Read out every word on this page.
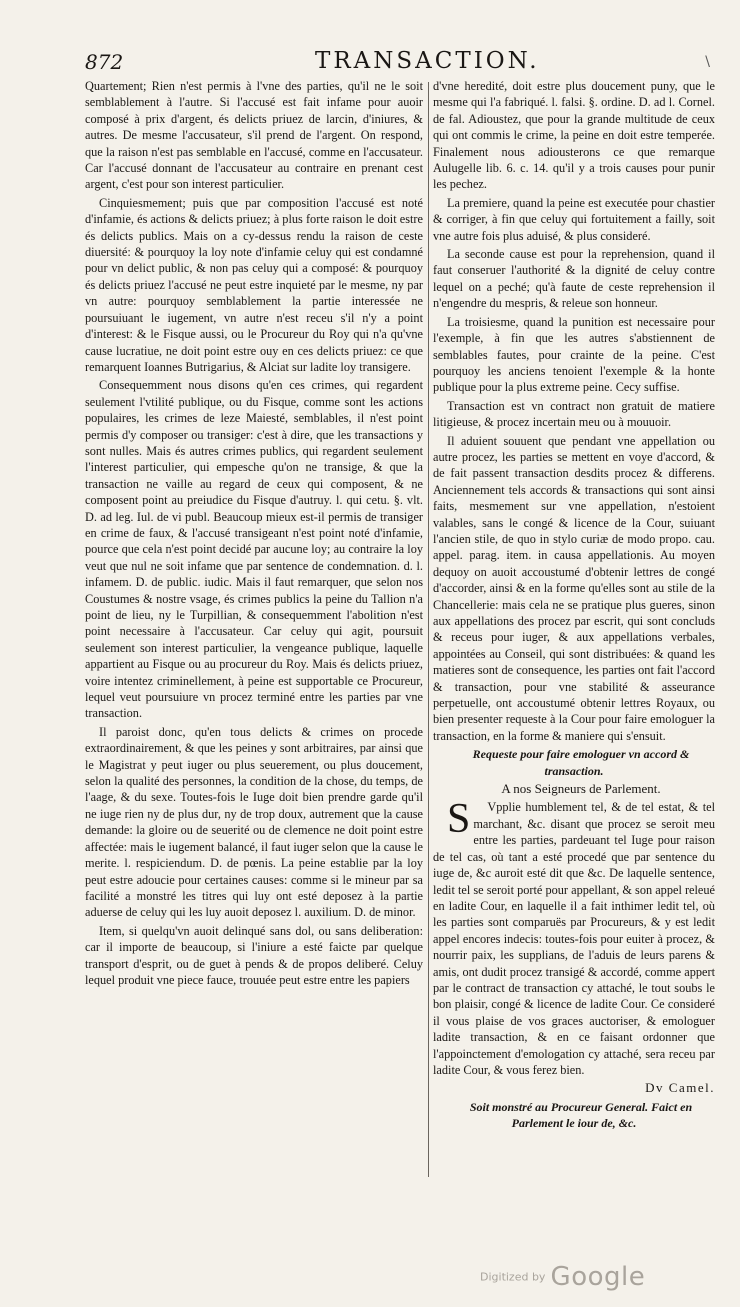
872	TRANSACTION.	\

Quartement; Rien n'est permis à l'vne des parties, qu'il ne le soit semblablement à l'autre. Si l'accusé est fait infame pour auoir composé à prix d'argent, és delicts priuez de larcin, d'iniures, & autres. De mesme l'accusateur, s'il prend de l'argent. On respond, que la raison n'est pas semblable en l'accusé, comme en l'accusateur. Car l'accusé donnant de l'accusateur au contraire en prenant cest argent, c'est pour son interest particulier.

Cinquiesmement; puis que par composition l'accusé est noté d'infamie, és actions & delicts priuez; à plus forte raison le doit estre és delicts publics. Mais on a cy-dessus rendu la raison de ceste diuersité: & pourquoy la loy note d'infamie celuy qui est condamné pour vn delict public, & non pas celuy qui a composé: & pourquoy és delicts priuez l'accusé ne peut estre inquieté par le mesme, ny par vn autre: pourquoy semblablement la partie interessée ne poursuiuant le iugement, vn autre n'est receu s'il n'y a point d'interest: & le Fisque aussi, ou le Procureur du Roy qui n'a qu'vne cause lucratiue, ne doit point estre ouy en ces delicts priuez: ce que remarquent Ioannes Butrigarius, & Alciat sur ladite loy transigere.

Consequemment nous disons qu'en ces crimes, qui regardent seulement l'vtilité publique, ou du Fisque, comme sont les actions populaires, les crimes de leze Maiesté, semblables, il n'est point permis d'y composer ou transiger: c'est à dire, que les transactions y sont nulles. Mais és autres crimes publics, qui regardent seulement l'interest particulier, qui empesche qu'on ne transige, & que la transaction ne vaille au regard de ceux qui composent, & ne composent point au preiudice du Fisque d'autruy. l. qui cetu. §. vlt. D. ad leg. Iul. de vi publ. Beaucoup mieux est-il permis de transiger en crime de faux, & l'accusé transigeant n'est point noté d'infamie, pource que cela n'est point decidé par aucune loy; au contraire la loy veut que nul ne soit infame que par sentence de condemnation. d. l. infamem. D. de public. iudic. Mais il faut remarquer, que selon nos Coustumes & nostre vsage, és crimes publics la peine du Tallion n'a point de lieu, ny le Turpillian, & consequemment l'abolition n'est point necessaire à l'accusateur. Car celuy qui agit, poursuit seulement son interest particulier, la vengeance publique, laquelle appartient au Fisque ou au procureur du Roy. Mais és delicts priuez, voire intentez criminellement, à peine est supportable ce Procureur, lequel veut poursuiure vn procez terminé entre les parties par vne transaction.

Il paroist donc, qu'en tous delicts & crimes on procede extraordinairement, & que les peines y sont arbitraires, par ainsi que le Magistrat y peut iuger ou plus seuerement, ou plus doucement, selon la qualité des personnes, la condition de la chose, du temps, de l'aage, & du sexe. Toutes-fois le Iuge doit bien prendre garde qu'il ne iuge rien ny de plus dur, ny de trop doux, autrement que la cause demande: la gloire ou de seuerité ou de clemence ne doit point estre affectée: mais le iugement balancé, il faut iuger selon que la cause le merite. l. respiciendum. D. de pœnis. La peine establie par la loy peut estre adoucie pour certaines causes: comme si le mineur par sa facilité a monstré les titres qui luy ont esté deposez à la partie aduerse de celuy qui les luy auoit deposez l. auxilium. D. de minor.

Item, si quelqu'vn auoit delinqué sans dol, ou sans deliberation: car il importe de beaucoup, si l'iniure a esté faicte par quelque transport d'esprit, ou de guet à pends & de propos deliberé. Celuy lequel produit vne piece fauce, trouuée peut estre entre les papiers

d'vne heredité, doit estre plus doucement puny, que le mesme qui l'a fabriqué. l. falsi. §. ordine. D. ad l. Cornel. de fal. Adioustez, que pour la grande multitude de ceux qui ont commis le crime, la peine en doit estre temperée. Finalement nous adiousterons ce que remarque Aulugelle lib. 6. c. 14. qu'il y a trois causes pour punir les pechez.

La premiere, quand la peine est executée pour chastier & corriger, à fin que celuy qui fortuitement a failly, soit vne autre fois plus aduisé, & plus consideré.

La seconde cause est pour la reprehension, quand il faut conseruer l'authorité & la dignité de celuy contre lequel on a peché; qu'à faute de ceste reprehension il n'engendre du mespris, & releue son honneur.

La troisiesme, quand la punition est necessaire pour l'exemple, à fin que les autres s'abstiennent de semblables fautes, pour crainte de la peine. C'est pourquoy les anciens tenoient l'exemple & la honte publique pour la plus extreme peine. Cecy suffise.

Transaction est vn contract non gratuit de matiere litigieuse, & procez incertain meu ou à mouuoir.

Il aduient souuent que pendant vne appellation ou autre procez, les parties se mettent en voye d'accord, & de fait passent transaction desdits procez & differens. Anciennement tels accords & transactions qui sont ainsi faits, mesmement sur vne appellation, n'estoient valables, sans le congé & licence de la Cour, suiuant l'ancien stile, de quo in stylo curiæ de modo propo. cau. appel. parag. item. in causa appellationis. Au moyen dequoy on auoit accoustumé d'obtenir lettres de congé d'accorder, ainsi & en la forme qu'elles sont au stile de la Chancellerie: mais cela ne se pratique plus gueres, sinon aux appellations des procez par escrit, qui sont concluds & receus pour iuger, & aux appellations verbales, appointées au Conseil, qui sont distribuées: & quand les matieres sont de consequence, les parties ont fait l'accord & transaction, pour vne stabilité & asseurance perpetuelle, ont accoustumé obtenir lettres Royaux, ou bien presenter requeste à la Cour pour faire emologuer la transaction, en la forme & maniere qui s'ensuit.

Requeste pour faire emologuer vn accord & transaction.

A nos Seigneurs de Parlement.

S Vpplie humblement tel, & de tel estat, & tel marchant, &c. disant que procez se seroit meu entre les parties, pardeuant tel Iuge pour raison de tel cas, où tant a esté procedé que par sentence du iuge de, &c auroit esté dit que &c. De laquelle sentence, ledit tel se seroit porté pour appellant, & son appel releué en ladite Cour, en laquelle il a fait inthimer ledit tel, où les parties sont comparuës par Procureurs, & y est ledit appel encores indecis: toutes-fois pour euiter à procez, & nourrir paix, les supplians, de l'aduis de leurs parens & amis, ont dudit procez transigé & accordé, comme appert par le contract de transaction cy attaché, le tout soubs le bon plaisir, congé & licence de ladite Cour. Ce consideré il vous plaise de vos graces auctoriser, & emologuer ladite transaction, & en ce faisant ordonner que l'appoinctement d'emologation cy attaché, sera receu par ladite Cour, & vous ferez bien.

Dv Camel.

Soit monstré au Procureur General. Faict en Parlement le iour de, &c.

Digitized by Google
